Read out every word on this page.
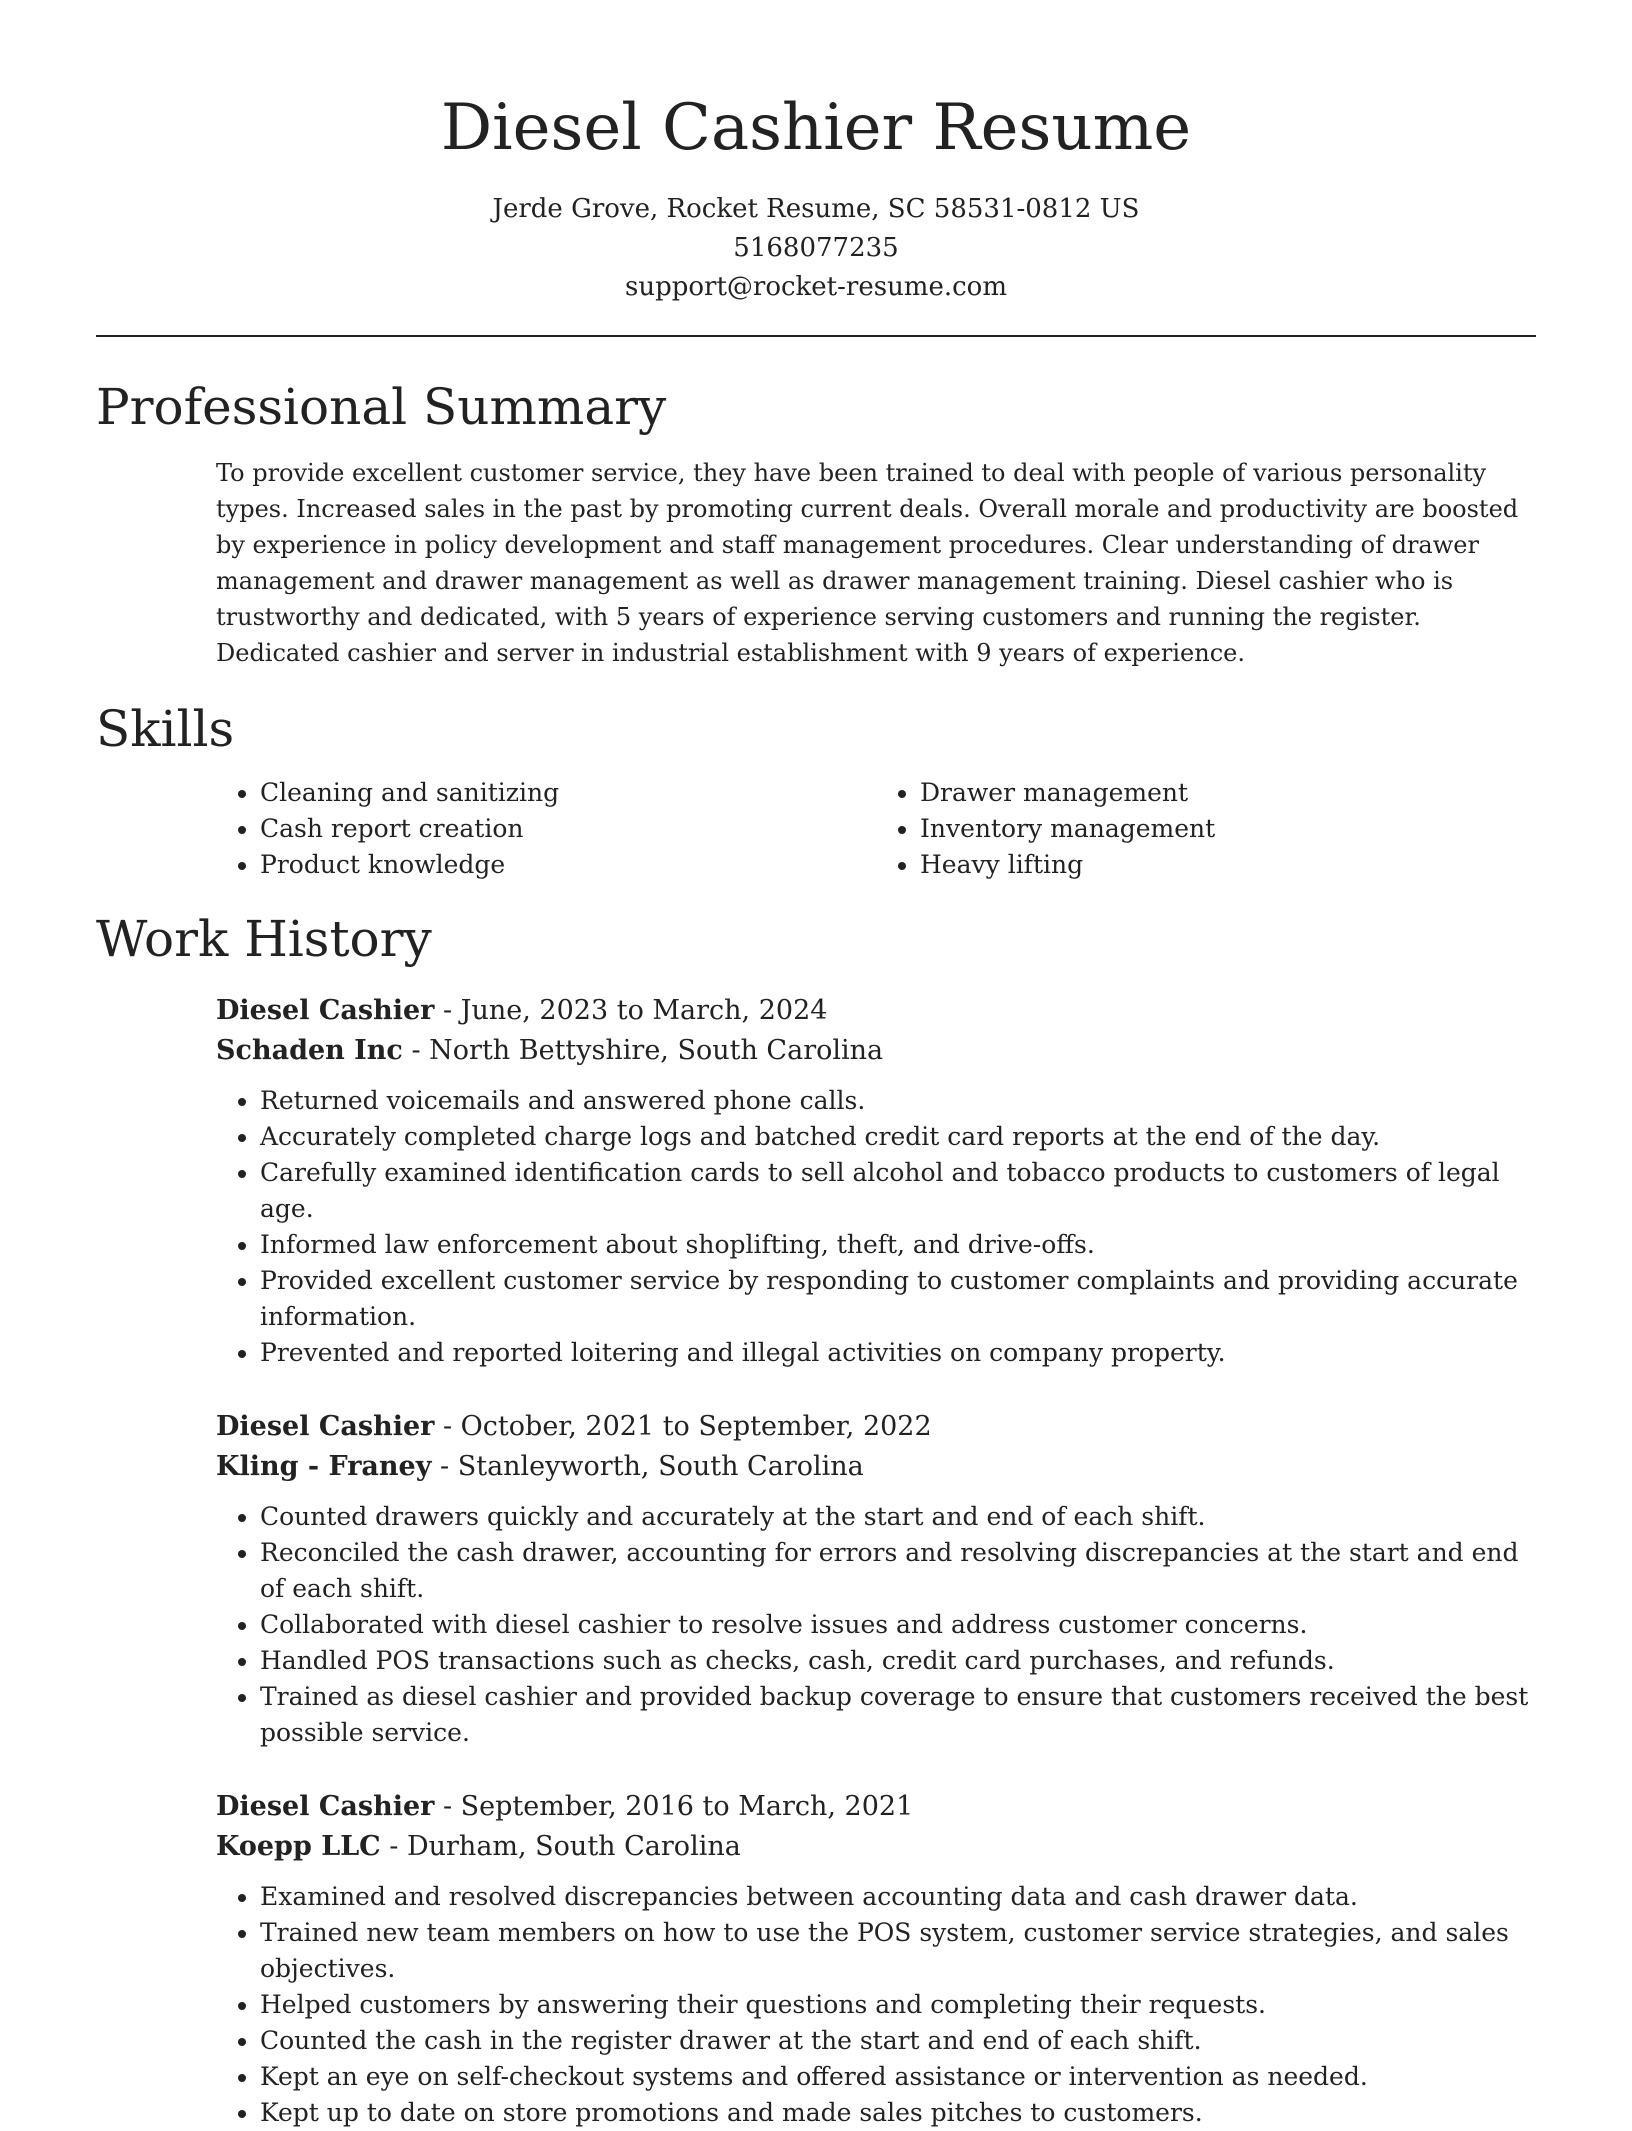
Diesel Cashier Resume
Jerde Grove, Rocket Resume, SC 58531-0812 US
5168077235
support@rocket-resume.com
Professional Summary

To provide excellent customer service, they have been trained to deal with people of various personality types. Increased sales in the past by promoting current deals. Overall morale and productivity are boosted by experience in policy development and staff management procedures. Clear understanding of drawer management and drawer management as well as drawer management training. Diesel cashier who is trustworthy and dedicated, with 5 years of experience serving customers and running the register. Dedicated cashier and server in industrial establishment with 9 years of experience.

Skills
• Cleaning and sanitizing
• Cash report creation
• Product knowledge
• Drawer management
• Inventory management
• Heavy lifting
Work History
Diesel Cashier - June, 2023 to March, 2024
Schaden Inc - North Bettyshire, South Carolina
• Returned voicemails and answered phone calls.
• Accurately completed charge logs and batched credit card reports at the end of the day.
• Carefully examined identification cards to sell alcohol and tobacco products to customers of legal age.
• Informed law enforcement about shoplifting, theft, and drive-offs.
• Provided excellent customer service by responding to customer complaints and providing accurate information.
• Prevented and reported loitering and illegal activities on company property.
Diesel Cashier - October, 2021 to September, 2022
Kling - Franey - Stanleyworth, South Carolina
• Counted drawers quickly and accurately at the start and end of each shift.
• Reconciled the cash drawer, accounting for errors and resolving discrepancies at the start and end of each shift.
• Collaborated with diesel cashier to resolve issues and address customer concerns.
• Handled POS transactions such as checks, cash, credit card purchases, and refunds.
• Trained as diesel cashier and provided backup coverage to ensure that customers received the best possible service.
Diesel Cashier - September, 2016 to March, 2021
Koepp LLC - Durham, South Carolina
• Examined and resolved discrepancies between accounting data and cash drawer data.
• Trained new team members on how to use the POS system, customer service strategies, and sales objectives.
• Helped customers by answering their questions and completing their requests.
• Counted the cash in the register drawer at the start and end of each shift.
• Kept an eye on self-checkout systems and offered assistance or intervention as needed.
• Kept up to date on store promotions and made sales pitches to customers.
